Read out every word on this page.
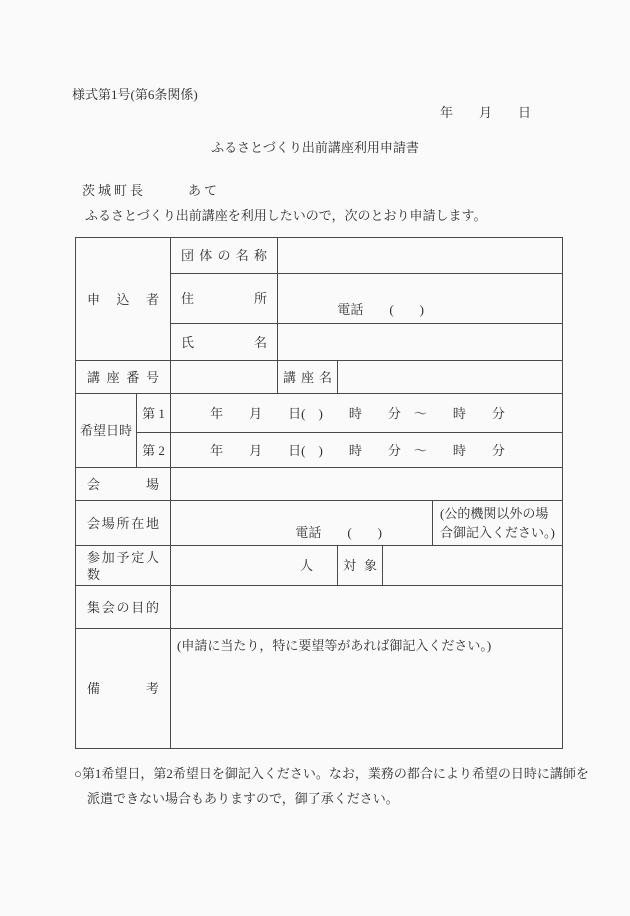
様式第1号(第6条関係)
年　　月　　日
ふるさとづくり出前講座利用申請書
茨城町長	あて
ふるさとづくり出前講座を利用したいので，次のとおり申請します。
申込者		団体の名称				

		住所	電話　　(　　)			

		氏名				

講座番号			講座名			

希望日時	第 1	年　　月　　日(　)　　時　　分　～　　時　　分				

	第 2	年　　月　　日(　)　　時　　分　～　　時　　分				

会場						

会場所在地		電話　　(　　)				(公的機関以外の場合御記入ください。)

参加予定人数		人		対象		

集会の目的						

備考		(申請に当たり，特に要望等があれば御記入ください。)				
○第1希望日，第2希望日を御記入ください。なお，業務の都合により希望の日時に講師を
派遣できない場合もありますので，御了承ください。
